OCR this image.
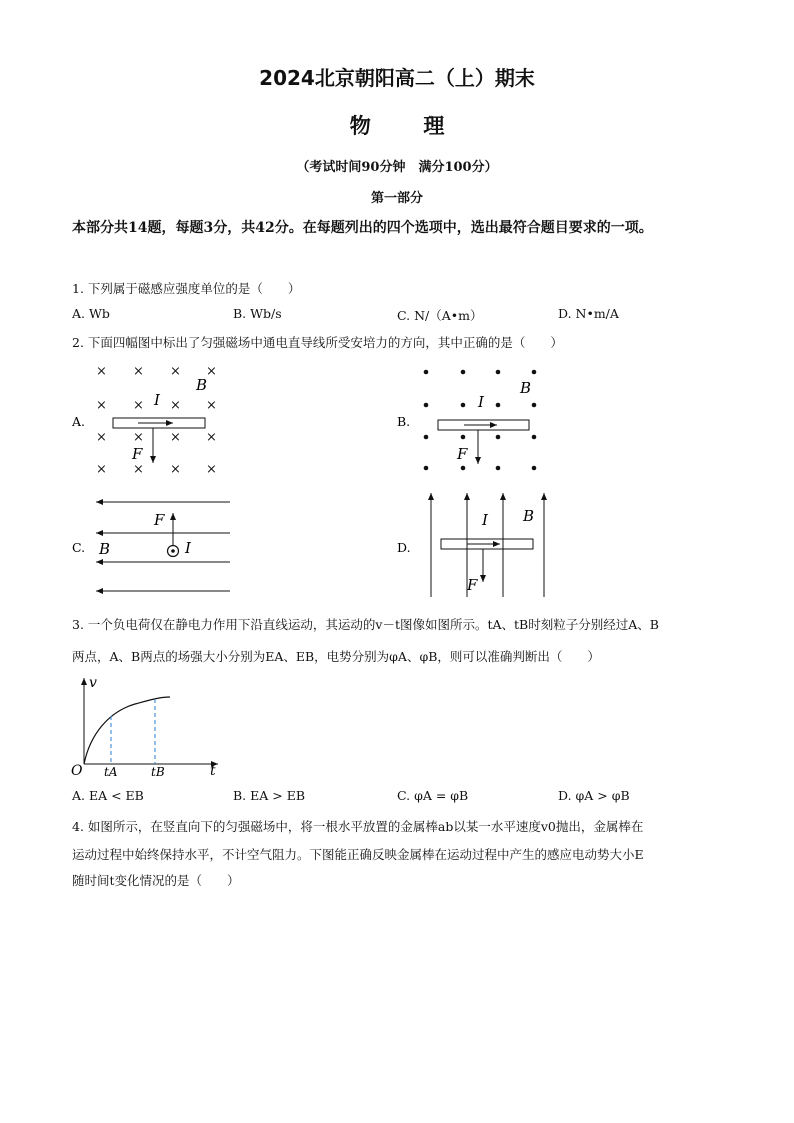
2024北京朝阳高二（上）期末
物	理
（考试时间90分钟　满分100分）
第一部分
本部分共14题，每题3分，共42分。在每题列出的四个选项中，选出最符合题目要求的一项。
1. 下列属于磁感应强度单位的是（　　）
A. Wb	B. Wb/s	C. N/（A•m）	D. N•m/A
2. 下面四幅图中标出了匀强磁场中通电直导线所受安培力的方向，其中正确的是（　　）
A.
× × × ×
× × × ×
× × × ×
× × × ×
I
B
F
B.
I
B
F
C.
F
B	I	D.
I B
F
v
t
O tA	tB
3. 一个负电荷仅在静电力作用下沿直线运动，其运动的v－t图像如图所示。tA、tB时刻粒子分别经过A、B
两点，A、B两点的场强大小分别为EA、EB，电势分别为φA、φB，则可以准确判断出（　　）
A. EA < EB	B. EA > EB	C. φA = φB	D. φA > φB
4. 如图所示，在竖直向下的匀强磁场中，将一根水平放置的金属棒ab以某一水平速度v0抛出，金属棒在
运动过程中始终保持水平，不计空气阻力。下图能正确反映金属棒在运动过程中产生的感应电动势大小E
随时间t变化情况的是（　　）
